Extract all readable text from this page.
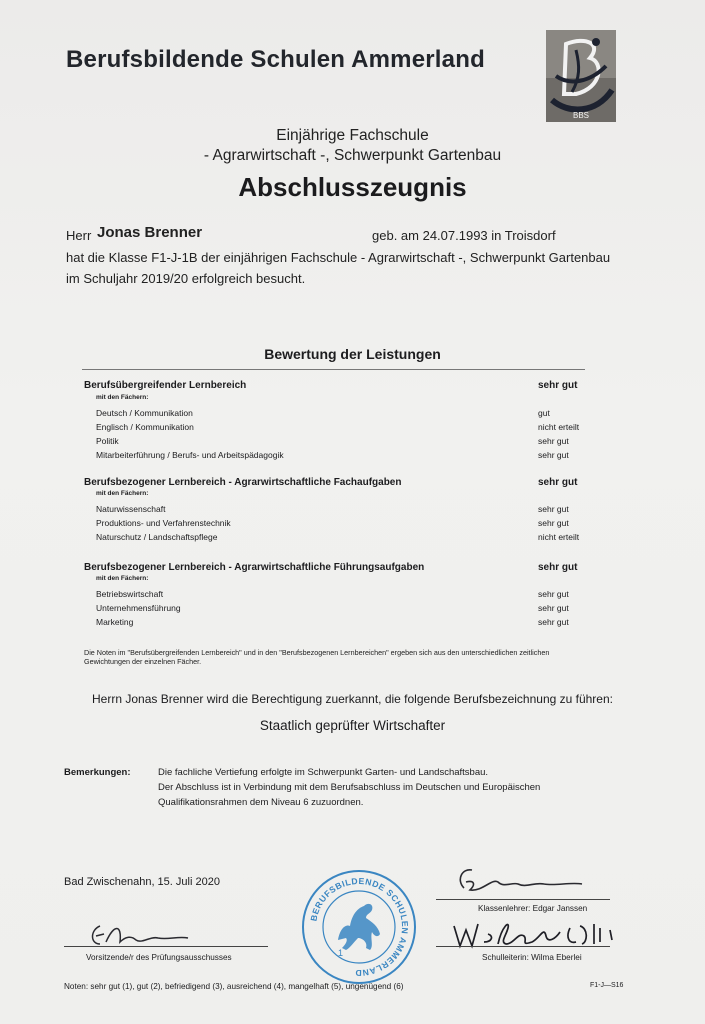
Berufsbildende Schulen Ammerland
BBS
Einjährige Fachschule
- Agrarwirtschaft -, Schwerpunkt Gartenbau
Abschlusszeugnis
Herr Jonas Brenner	geb. am 24.07.1993 in Troisdorf
hat die Klasse F1-J-1B der einjährigen Fachschule - Agrarwirtschaft -, Schwerpunkt Gartenbau
im Schuljahr 2019/20 erfolgreich besucht.
Bewertung der Leistungen
Berufsübergreifender Lernbereich	sehr gut
mit den Fächern:
Deutsch / Kommunikation	gut
Englisch / Kommunikation	nicht erteilt
Politik	sehr gut
Mitarbeiterführung / Berufs- und Arbeitspädagogik	sehr gut
Berufsbezogener Lernbereich - Agrarwirtschaftliche Fachaufgaben	sehr gut
mit den Fächern:
Naturwissenschaft	sehr gut
Produktions- und Verfahrenstechnik	sehr gut
Naturschutz / Landschaftspflege	nicht erteilt
Berufsbezogener Lernbereich - Agrarwirtschaftliche Führungsaufgaben	sehr gut
mit den Fächern:
Betriebswirtschaft	sehr gut
Unternehmensführung	sehr gut
Marketing	sehr gut
Die Noten im "Berufsübergreifenden Lernbereich" und in den "Berufsbezogenen Lernbereichen" ergeben sich aus den unterschiedlichen zeitlichen
Gewichtungen der einzelnen Fächer.
Herrn Jonas Brenner wird die Berechtigung zuerkannt, die folgende Berufsbezeichnung zu führen:
Staatlich geprüfter Wirtschafter
Bemerkungen:	Die fachliche Vertiefung erfolgte im Schwerpunkt Garten- und Landschaftsbau.
Der Abschluss ist in Verbindung mit dem Berufsabschluss im Deutschen und Europäischen
Qualifikationsrahmen dem Niveau 6 zuzuordnen.
Bad Zwischenahn, 15. Juli 2020
Klassenlehrer: Edgar Janssen
Vorsitzende/r des Prüfungsausschusses	Schulleiterin: Wilma Eberlei
BERUFSBILDENDE SCHULEN AMMERLAND
1
Noten: sehr gut (1), gut (2), befriedigend (3), ausreichend (4), mangelhaft (5), ungenügend (6)	F1-J—S16
